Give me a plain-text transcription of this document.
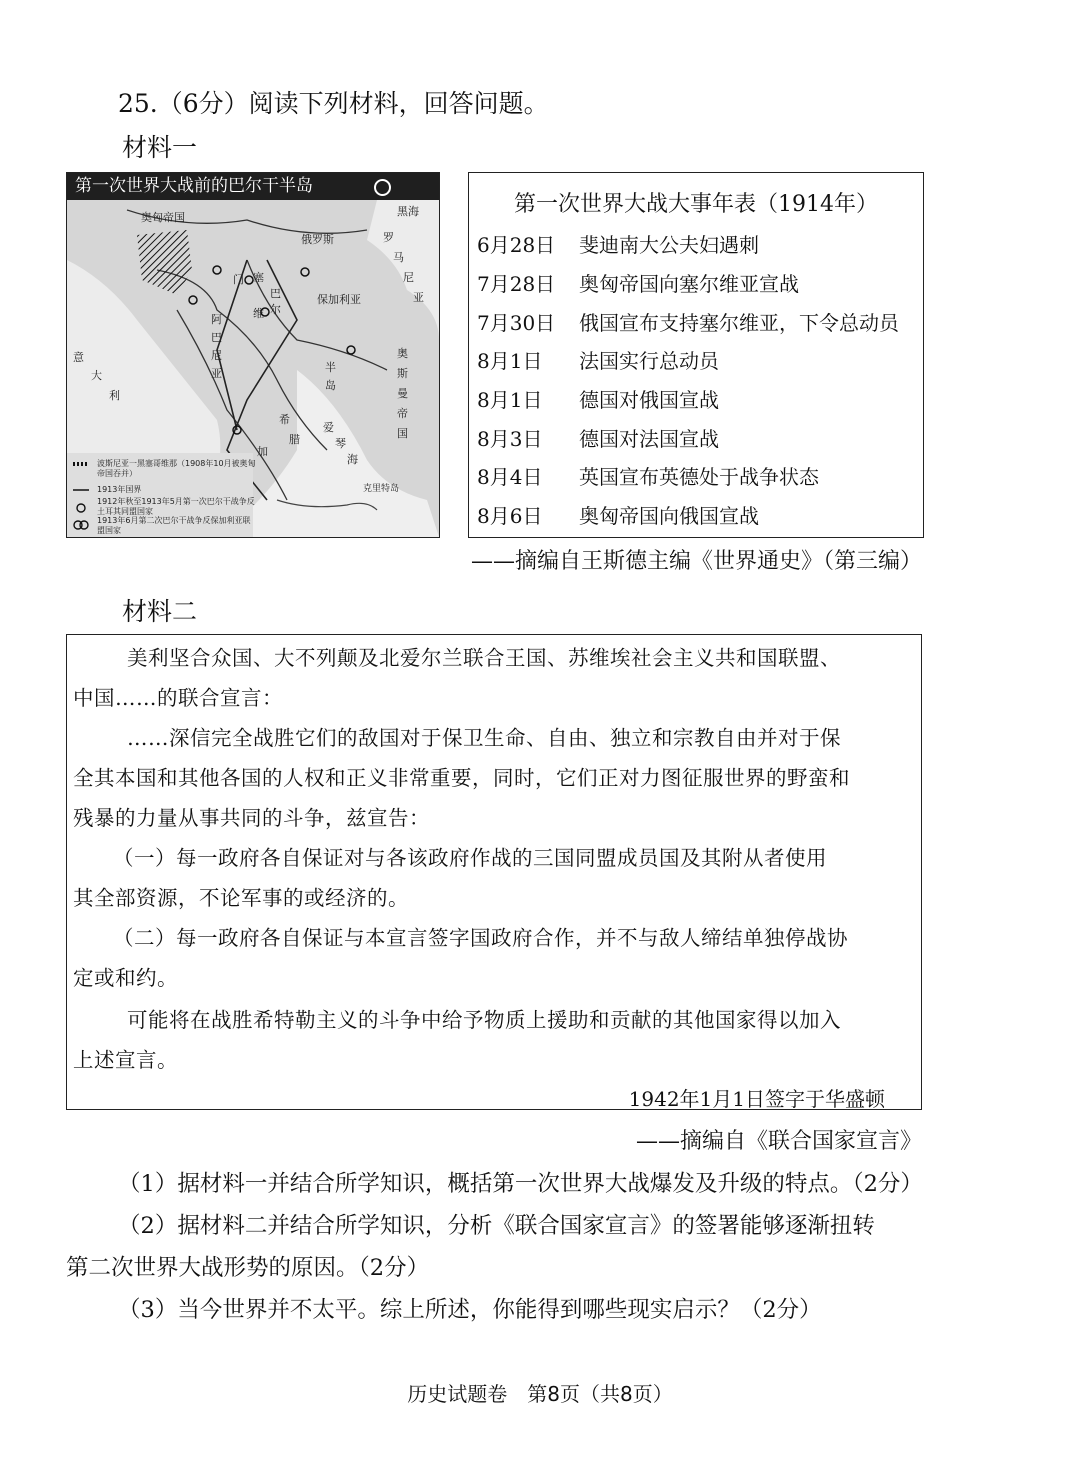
25.（6分）阅读下列材料，回答问题。
材料一
第一次世界大战前的巴尔干半岛
奥匈帝国
俄罗斯
塞
巴
尔
维
保加利亚
门
意
大
利
希
腊
罗
马
尼
亚
阿
巴
尼
亚	半
岛
奥
斯
曼
帝
国
克里特岛
加
黑海
爱
琴
海
波斯尼亚一黑塞哥维那（1908年10月被奥匈帝国吞并）
1913年国界
1912年秋至1913年5月第一次巴尔干战争反土耳其同盟国家
1913年6月第二次巴尔干战争反保加利亚联盟国家
第一次世界大战大事年表（1914年）
6月28日 斐迪南大公夫妇遇刺
7月28日 奥匈帝国向塞尔维亚宣战
7月30日 俄国宣布支持塞尔维亚，下令总动员
8月1日 法国实行总动员
8月1日 德国对俄国宣战
8月3日 德国对法国宣战
8月4日 英国宣布英德处于战争状态
8月6日 奥匈帝国向俄国宣战
——摘编自王斯德主编《世界通史》（第三编）
材料二
美利坚合众国、大不列颠及北爱尔兰联合王国、苏维埃社会主义共和国联盟、
中国……的联合宣言：
……深信完全战胜它们的敌国对于保卫生命、自由、独立和宗教自由并对于保
全其本国和其他各国的人权和正义非常重要，同时，它们正对力图征服世界的野蛮和
残暴的力量从事共同的斗争，兹宣告：
（一）每一政府各自保证对与各该政府作战的三国同盟成员国及其附从者使用
其全部资源，不论军事的或经济的。
（二）每一政府各自保证与本宣言签字国政府合作，并不与敌人缔结单独停战协
定或和约。
可能将在战胜希特勒主义的斗争中给予物质上援助和贡献的其他国家得以加入
上述宣言。
1942年1月1日签字于华盛顿
——摘编自《联合国家宣言》
（1）据材料一并结合所学知识，概括第一次世界大战爆发及升级的特点。（2分）
（2）据材料二并结合所学知识，分析《联合国家宣言》的签署能够逐渐扭转
第二次世界大战形势的原因。（2分）
（3）当今世界并不太平。综上所述，你能得到哪些现实启示？（2分）
历史试题卷　第8页（共8页）
